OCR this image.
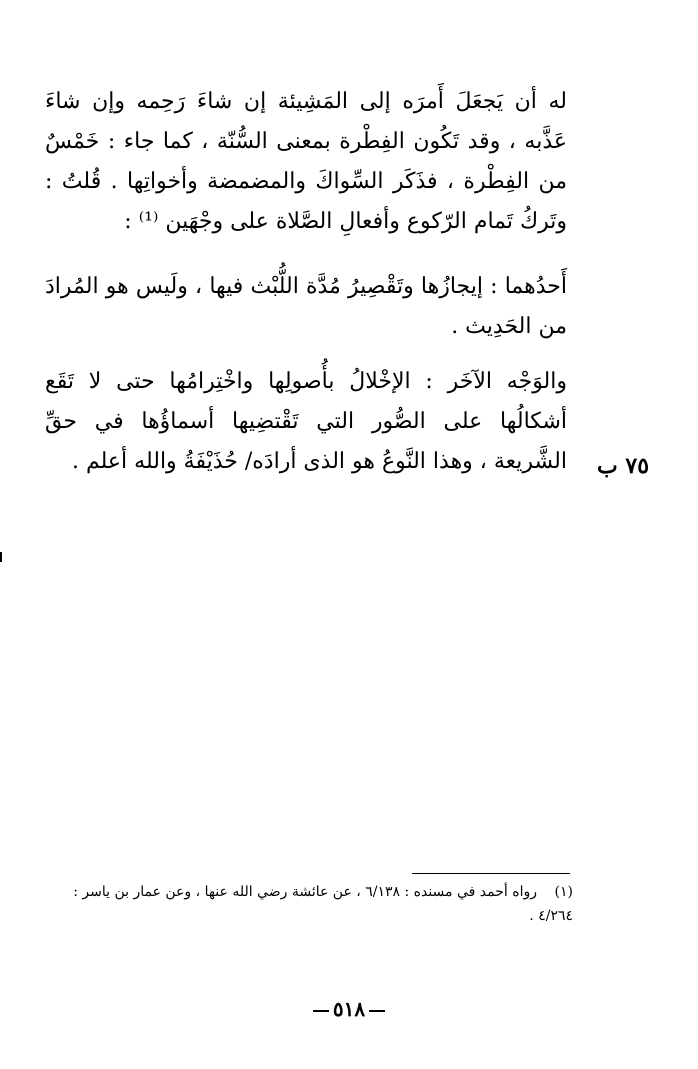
له أن يَجعَلَ أَمرَه إلى المَشِيئة إن شاءَ رَحِمه وإن شاءَ عَذَّبه ، وقد تَكُون الفِطْرة بمعنى السُّنّة ، كما جاء : خَمْسٌ من الفِطْرة ، فذَكَر السِّواكَ والمضمضة وأخواتِها . قُلتُ : وتَركُ تَمام الرّكوع وأفعالِ الصَّلاة على وجْهَين ⁽¹⁾ :

أَحدُهما : إيجازُها وتَقْصِيرُ مُدَّة اللُّبْث فيها ، ولَيس هو المُرادَ من الحَدِيث .

والوَجْه الآخَر : الإخْلالُ بأُصولِها واخْتِرامُها حتى لا تَقَع أشكالُها على الصُّور التي تَقْتضِيها أسماؤُها في حقِّ الشَّريعة ، وهذا النَّوعُ هو الذى أرادَه/ حُذَيْفَةُ والله أعلم . ٧٥ ب
(١)رواه أحمد في مسنده : ٦/١٣٨ ، عن عائشة رضي الله عنها ، وعن عمار بن ياسر : ٤/٢٦٤ .
٥١٨
